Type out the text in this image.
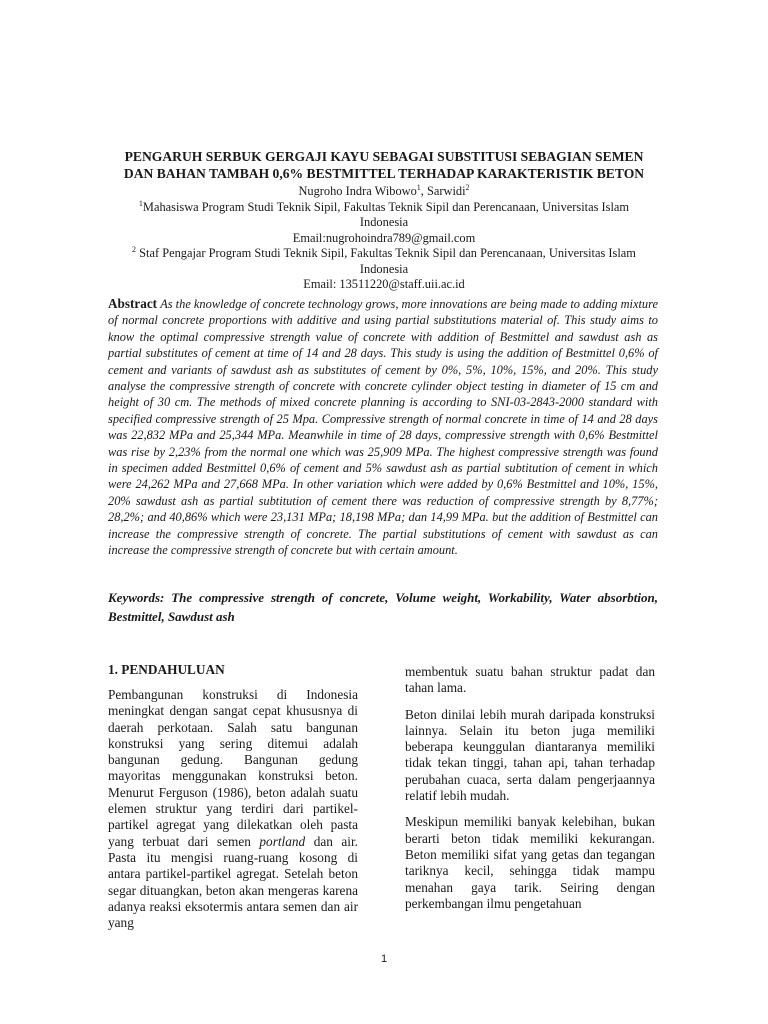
PENGARUH SERBUK GERGAJI KAYU SEBAGAI SUBSTITUSI SEBAGIAN SEMEN
DAN BAHAN TAMBAH 0,6% BESTMITTEL TERHADAP KARAKTERISTIK BETON
Nugroho Indra Wibowo$^1$, Sarwidi$^2$
$^1$Mahasiswa Program Studi Teknik Sipil, Fakultas Teknik Sipil dan Perencanaan, Universitas Islam
Indonesia
Email:nugrohoindra789@gmail.com
$^2$ Staf Pengajar Program Studi Teknik Sipil, Fakultas Teknik Sipil dan Perencanaan, Universitas Islam
Indonesia
Email: 13511220@staff.uii.ac.id
Abstract As the knowledge of concrete technology grows, more innovations are being made to adding mixture of normal concrete proportions with additive and using partial substitutions material of. This study aims to know the optimal compressive strength value of concrete with addition of Bestmittel and sawdust ash as partial substitutes of cement at time of 14 and 28 days. This study is using the addition of Bestmittel 0,6% of cement and variants of sawdust ash as substitutes of cement by 0%, 5%, 10%, 15%, and 20%. This study analyse the compressive strength of concrete with concrete cylinder object testing in diameter of 15 cm and height of 30 cm. The methods of mixed concrete planning is according to SNI-03-2843-2000 standard with specified compressive strength of 25 Mpa. Compressive strength of normal concrete in time of 14 and 28 days was 22,832 MPa and 25,344 MPa. Meanwhile in time of 28 days, compressive strength with 0,6% Bestmittel was rise by 2,23% from the normal one which was 25,909 MPa. The highest compressive strength was found in specimen added Bestmittel 0,6% of cement and 5% sawdust ash as partial subtitution of cement in which were 24,262 MPa and 27,668 MPa. In other variation which were added by 0,6% Bestmittel and 10%, 15%, 20% sawdust ash as partial subtitution of cement there was reduction of compressive strength by 8,77%; 28,2%; and 40,86% which were 23,131 MPa; 18,198 MPa; dan 14,99 MPa. but the addition of Bestmittel can increase the compressive strength of concrete. The partial substitutions of cement with sawdust as can increase the compressive strength of concrete but with certain amount.
Keywords: The compressive strength of concrete, Volume weight, Workability, Water absorbtion, Bestmittel, Sawdust ash
1. PENDAHULUAN

Pembangunan konstruksi di Indonesia meningkat dengan sangat cepat khususnya di daerah perkotaan. Salah satu bangunan konstruksi yang sering ditemui adalah bangunan gedung. Bangunan gedung mayoritas menggunakan konstruksi beton. Menurut Ferguson (1986), beton adalah suatu elemen struktur yang terdiri dari partikel-partikel agregat yang dilekatkan oleh pasta yang terbuat dari semen portland dan air. Pasta itu mengisi ruang-ruang kosong di antara partikel-partikel agregat. Setelah beton segar dituangkan, beton akan mengeras karena adanya reaksi eksotermis antara semen dan air yang

membentuk suatu bahan struktur padat dan tahan lama.

Beton dinilai lebih murah daripada konstruksi lainnya. Selain itu beton juga memiliki beberapa keunggulan diantaranya memiliki tidak tekan tinggi, tahan api, tahan terhadap perubahan cuaca, serta dalam pengerjaannya relatif lebih mudah.

Meskipun memiliki banyak kelebihan, bukan berarti beton tidak memiliki kekurangan. Beton memiliki sifat yang getas dan tegangan tariknya kecil, sehingga tidak mampu menahan gaya tarik. Seiring dengan perkembangan ilmu pengetahuan

1
